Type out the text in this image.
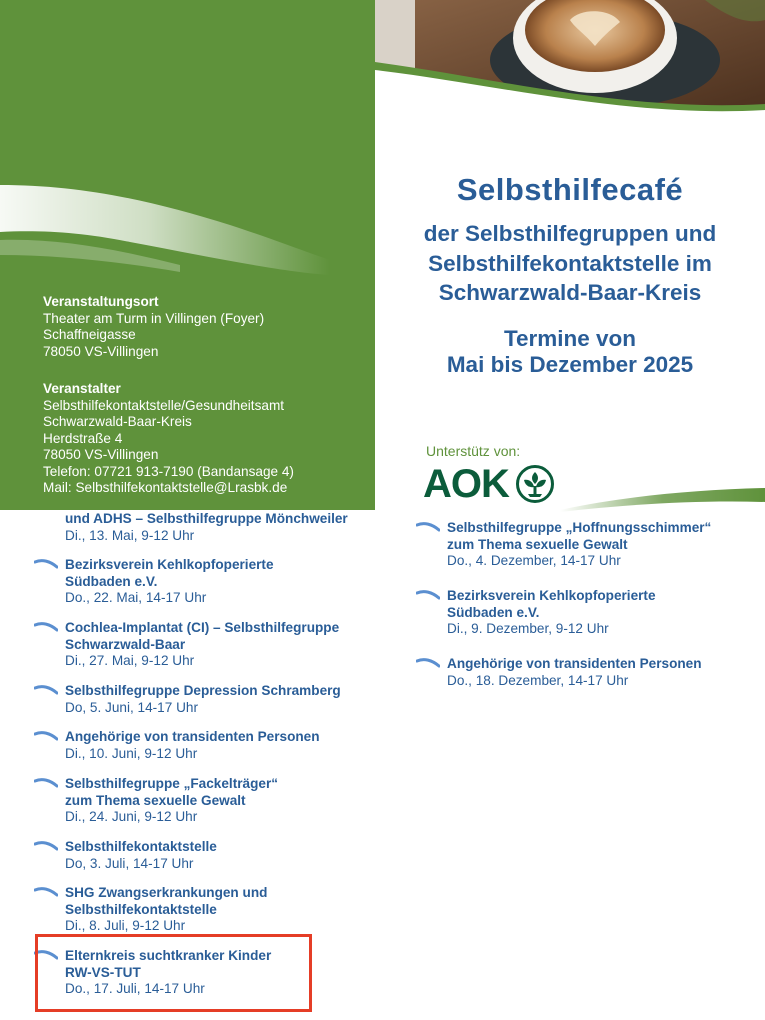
Veranstaltungsort
Theater am Turm in Villingen (Foyer)
Schaffneigasse
78050 VS-Villingen
Veranstalter
Selbsthilfekontaktstelle/Gesundheitsamt
Schwarzwald-Baar-Kreis
Herdstraße 4
78050 VS-Villingen
Telefon: 07721 913-7190 (Bandansage 4)
Mail: Selbsthilfekontaktstelle@Lrasbk.de
Selbsthilfecafé
der Selbsthilfegruppen und
Selbsthilfekontaktstelle im
Schwarzwald-Baar-Kreis
Termine von
Mai bis Dezember 2025
Unterstütz von:
AOK
und ADHS – Selbsthilfegruppe Mönchweiler
Di., 13. Mai, 9-12 Uhr
Bezirksverein Kehlkopfoperierte Südbaden e.V.
Do., 22. Mai, 14-17 Uhr
Cochlea-Implantat (CI) – Selbsthilfegruppe Schwarzwald-Baar
Di., 27. Mai, 9-12 Uhr
Selbsthilfegruppe Depression Schramberg
Do, 5. Juni, 14-17 Uhr
Angehörige von transidenten Personen
Di., 10. Juni, 9-12 Uhr
Selbsthilfegruppe „Fackelträger“ zum Thema sexuelle Gewalt
Di., 24. Juni, 9-12 Uhr
Selbsthilfekontaktstelle
Do, 3. Juli, 14-17 Uhr
SHG Zwangserkrankungen und Selbsthilfekontaktstelle
Di., 8. Juli, 9-12 Uhr
Elternkreis suchtkranker Kinder RW-VS-TUT
Do., 17. Juli, 14-17 Uhr
Selbsthilfegruppe „Hoffnungsschimmer“ zum Thema sexuelle Gewalt
Do., 4. Dezember, 14-17 Uhr
Bezirksverein Kehlkopfoperierte Südbaden e.V.
Di., 9. Dezember, 9-12 Uhr
Angehörige von transidenten Personen
Do., 18. Dezember, 14-17 Uhr
